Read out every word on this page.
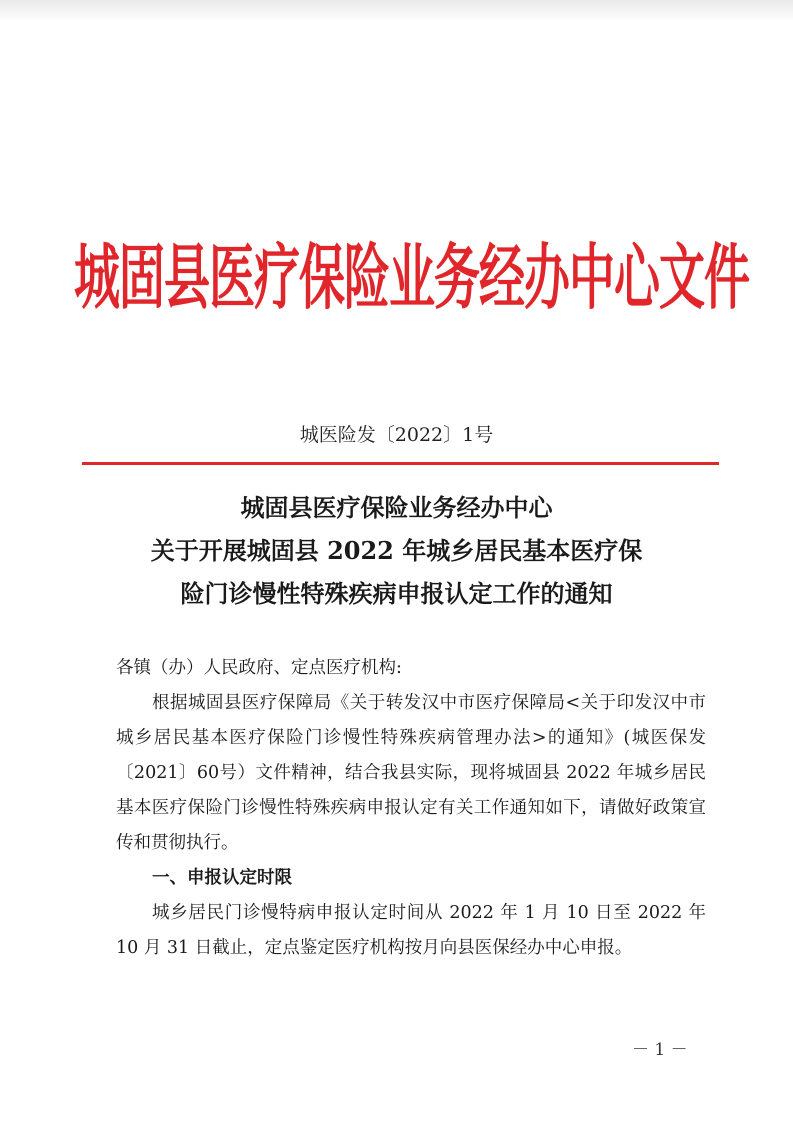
城固县医疗保险业务经办中心文件
城医险发〔2022〕1号
城固县医疗保险业务经办中心
关于开展城固县 2022 年城乡居民基本医疗保
险门诊慢性特殊疾病申报认定工作的通知

各镇（办）人民政府、定点医疗机构:

根据城固县医疗保障局《关于转发汉中市医疗保障局<关于印发汉中市城乡居民基本医疗保险门诊慢性特殊疾病管理办法>的通知》(城医保发〔2021〕60号）文件精神，结合我县实际，现将城固县 2022 年城乡居民基本医疗保险门诊慢性特殊疾病申报认定有关工作通知如下，请做好政策宣传和贯彻执行。

一、申报认定时限

城乡居民门诊慢特病申报认定时间从 2022 年 1 月 10 日至 2022 年 10 月 31 日截止，定点鉴定医疗机构按月向县医保经办中心申报。

－ 1 －
